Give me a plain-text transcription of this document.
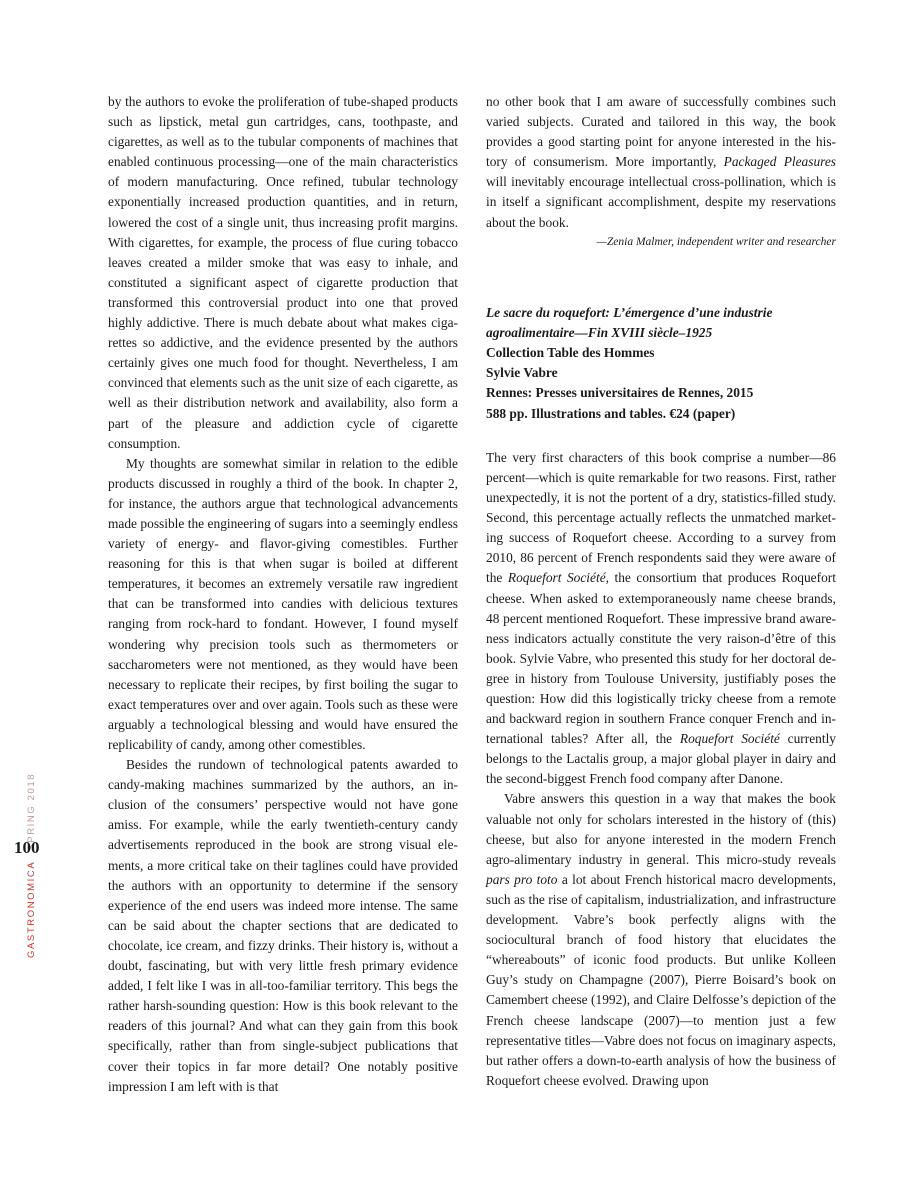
GASTRONOMICASPRING 2018
100

by the authors to evoke the proliferation of tube-shaped products such as lipstick, metal gun cartridges, cans, toothpaste, and cigarettes, as well as to the tubular components of machines that enabled continuous processing—one of the main characteristics of modern manufacturing. Once refined, tubular technology exponentially increased production quantities, and in return, lowered the cost of a single unit, thus increasing profit margins. With cigarettes, for example, the process of flue curing tobacco leaves created a milder smoke that was easy to inhale, and constituted a significant aspect of cigarette production that transformed this controversial product into one that proved highly addictive. There is much debate about what makes cigarettes so addictive, and the evidence presented by the authors certainly gives one much food for thought. Nevertheless, I am convinced that elements such as the unit size of each cigarette, as well as their distribution network and availability, also form a part of the pleasure and addiction cycle of cigarette consumption.

My thoughts are somewhat similar in relation to the edible products discussed in roughly a third of the book. In chapter 2, for instance, the authors argue that technological advancements made possible the engineering of sugars into a seemingly endless variety of energy- and flavor-giving comestibles. Further reasoning for this is that when sugar is boiled at different temperatures, it becomes an extremely versatile raw ingredient that can be transformed into candies with delicious textures ranging from rock-hard to fondant. However, I found myself wondering why precision tools such as thermometers or saccharometers were not mentioned, as they would have been necessary to replicate their recipes, by first boiling the sugar to exact temperatures over and over again. Tools such as these were arguably a technological blessing and would have ensured the replicability of candy, among other comestibles.

Besides the rundown of technological patents awarded to candy-making machines summarized by the authors, an inclusion of the consumers’ perspective would not have gone amiss. For example, while the early twentieth-century candy advertisements reproduced in the book are strong visual elements, a more critical take on their taglines could have provided the authors with an opportunity to determine if the sensory experience of the end users was indeed more intense. The same can be said about the chapter sections that are dedicated to chocolate, ice cream, and fizzy drinks. Their history is, without a doubt, fascinating, but with very little fresh primary evidence added, I felt like I was in all-too-familiar territory. This begs the rather harsh-sounding question: How is this book relevant to the readers of this journal? And what can they gain from this book specifically, rather than from single-subject publications that cover their topics in far more detail? One notably positive impression I am left with is that

no other book that I am aware of successfully combines such varied subjects. Curated and tailored in this way, the book provides a good starting point for anyone interested in the history of consumerism. More importantly, Packaged Pleasures will inevitably encourage intellectual cross-pollination, which is in itself a significant accomplishment, despite my reservations about the book.

—Zenia Malmer, independent writer and researcher
Le sacre du roquefort: L’émergence d’une industrie
agroalimentaire—Fin XVIII siècle–1925
Collection Table des Hommes
Sylvie Vabre
Rennes: Presses universitaires de Rennes, 2015
588 pp. Illustrations and tables. €24 (paper)

The very first characters of this book comprise a number—86 percent—which is quite remarkable for two reasons. First, rather unexpectedly, it is not the portent of a dry, statistics-filled study. Second, this percentage actually reflects the unmatched marketing success of Roquefort cheese. According to a survey from 2010, 86 percent of French respondents said they were aware of the Roquefort Société, the consortium that produces Roquefort cheese. When asked to extemporaneously name cheese brands, 48 percent mentioned Roquefort. These impressive brand awareness indicators actually constitute the very raison-d’être of this book. Sylvie Vabre, who presented this study for her doctoral degree in history from Toulouse University, justifiably poses the question: How did this logistically tricky cheese from a remote and backward region in southern France conquer French and international tables? After all, the Roquefort Société currently belongs to the Lactalis group, a major global player in dairy and the second-biggest French food company after Danone.

Vabre answers this question in a way that makes the book valuable not only for scholars interested in the history of (this) cheese, but also for anyone interested in the modern French agro-alimentary industry in general. This micro-study reveals pars pro toto a lot about French historical macro developments, such as the rise of capitalism, industrialization, and infrastructure development. Vabre’s book perfectly aligns with the sociocultural branch of food history that elucidates the “whereabouts” of iconic food products. But unlike Kolleen Guy’s study on Champagne (2007), Pierre Boisard’s book on Camembert cheese (1992), and Claire Delfosse’s depiction of the French cheese landscape (2007)—to mention just a few representative titles—Vabre does not focus on imaginary aspects, but rather offers a down-to-earth analysis of how the business of Roquefort cheese evolved. Drawing upon
